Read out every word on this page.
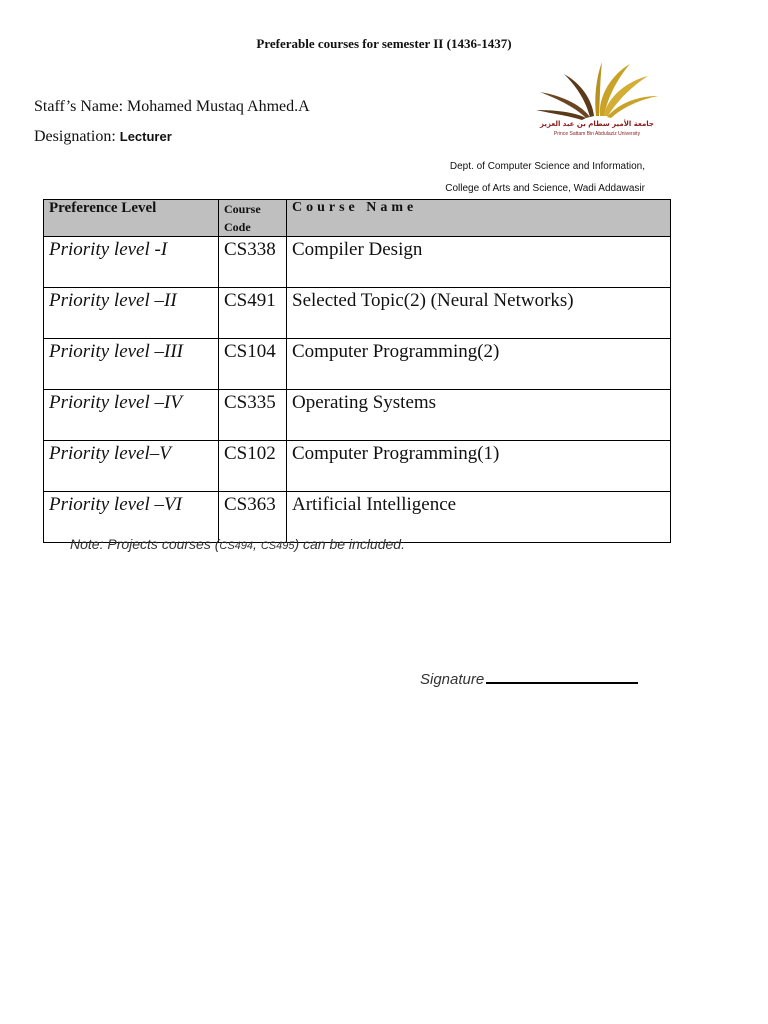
Preferable courses for semester II (1436-1437)
Staff’s Name: Mohamed Mustaq Ahmed.A
Designation: Lecturer
جامعة الأمير سطام بن عبد العزيز
Prince Sattam Bin Abdulaziz University
Dept. of Computer Science and Information,
College of Arts and Science, Wadi Addawasir
Preference Level	Course Code	Course Name
Priority level -I	CS338	Compiler Design
Priority level –II	CS491	Selected Topic(2) (Neural Networks)
Priority level –III	CS104	Computer Programming(2)
Priority level –IV	CS335	Operating Systems
Priority level–V	CS102	Computer Programming(1)
Priority level –VI	CS363	Artificial Intelligence
Note: Projects courses (CS494, CS495) can be included.
Signature
